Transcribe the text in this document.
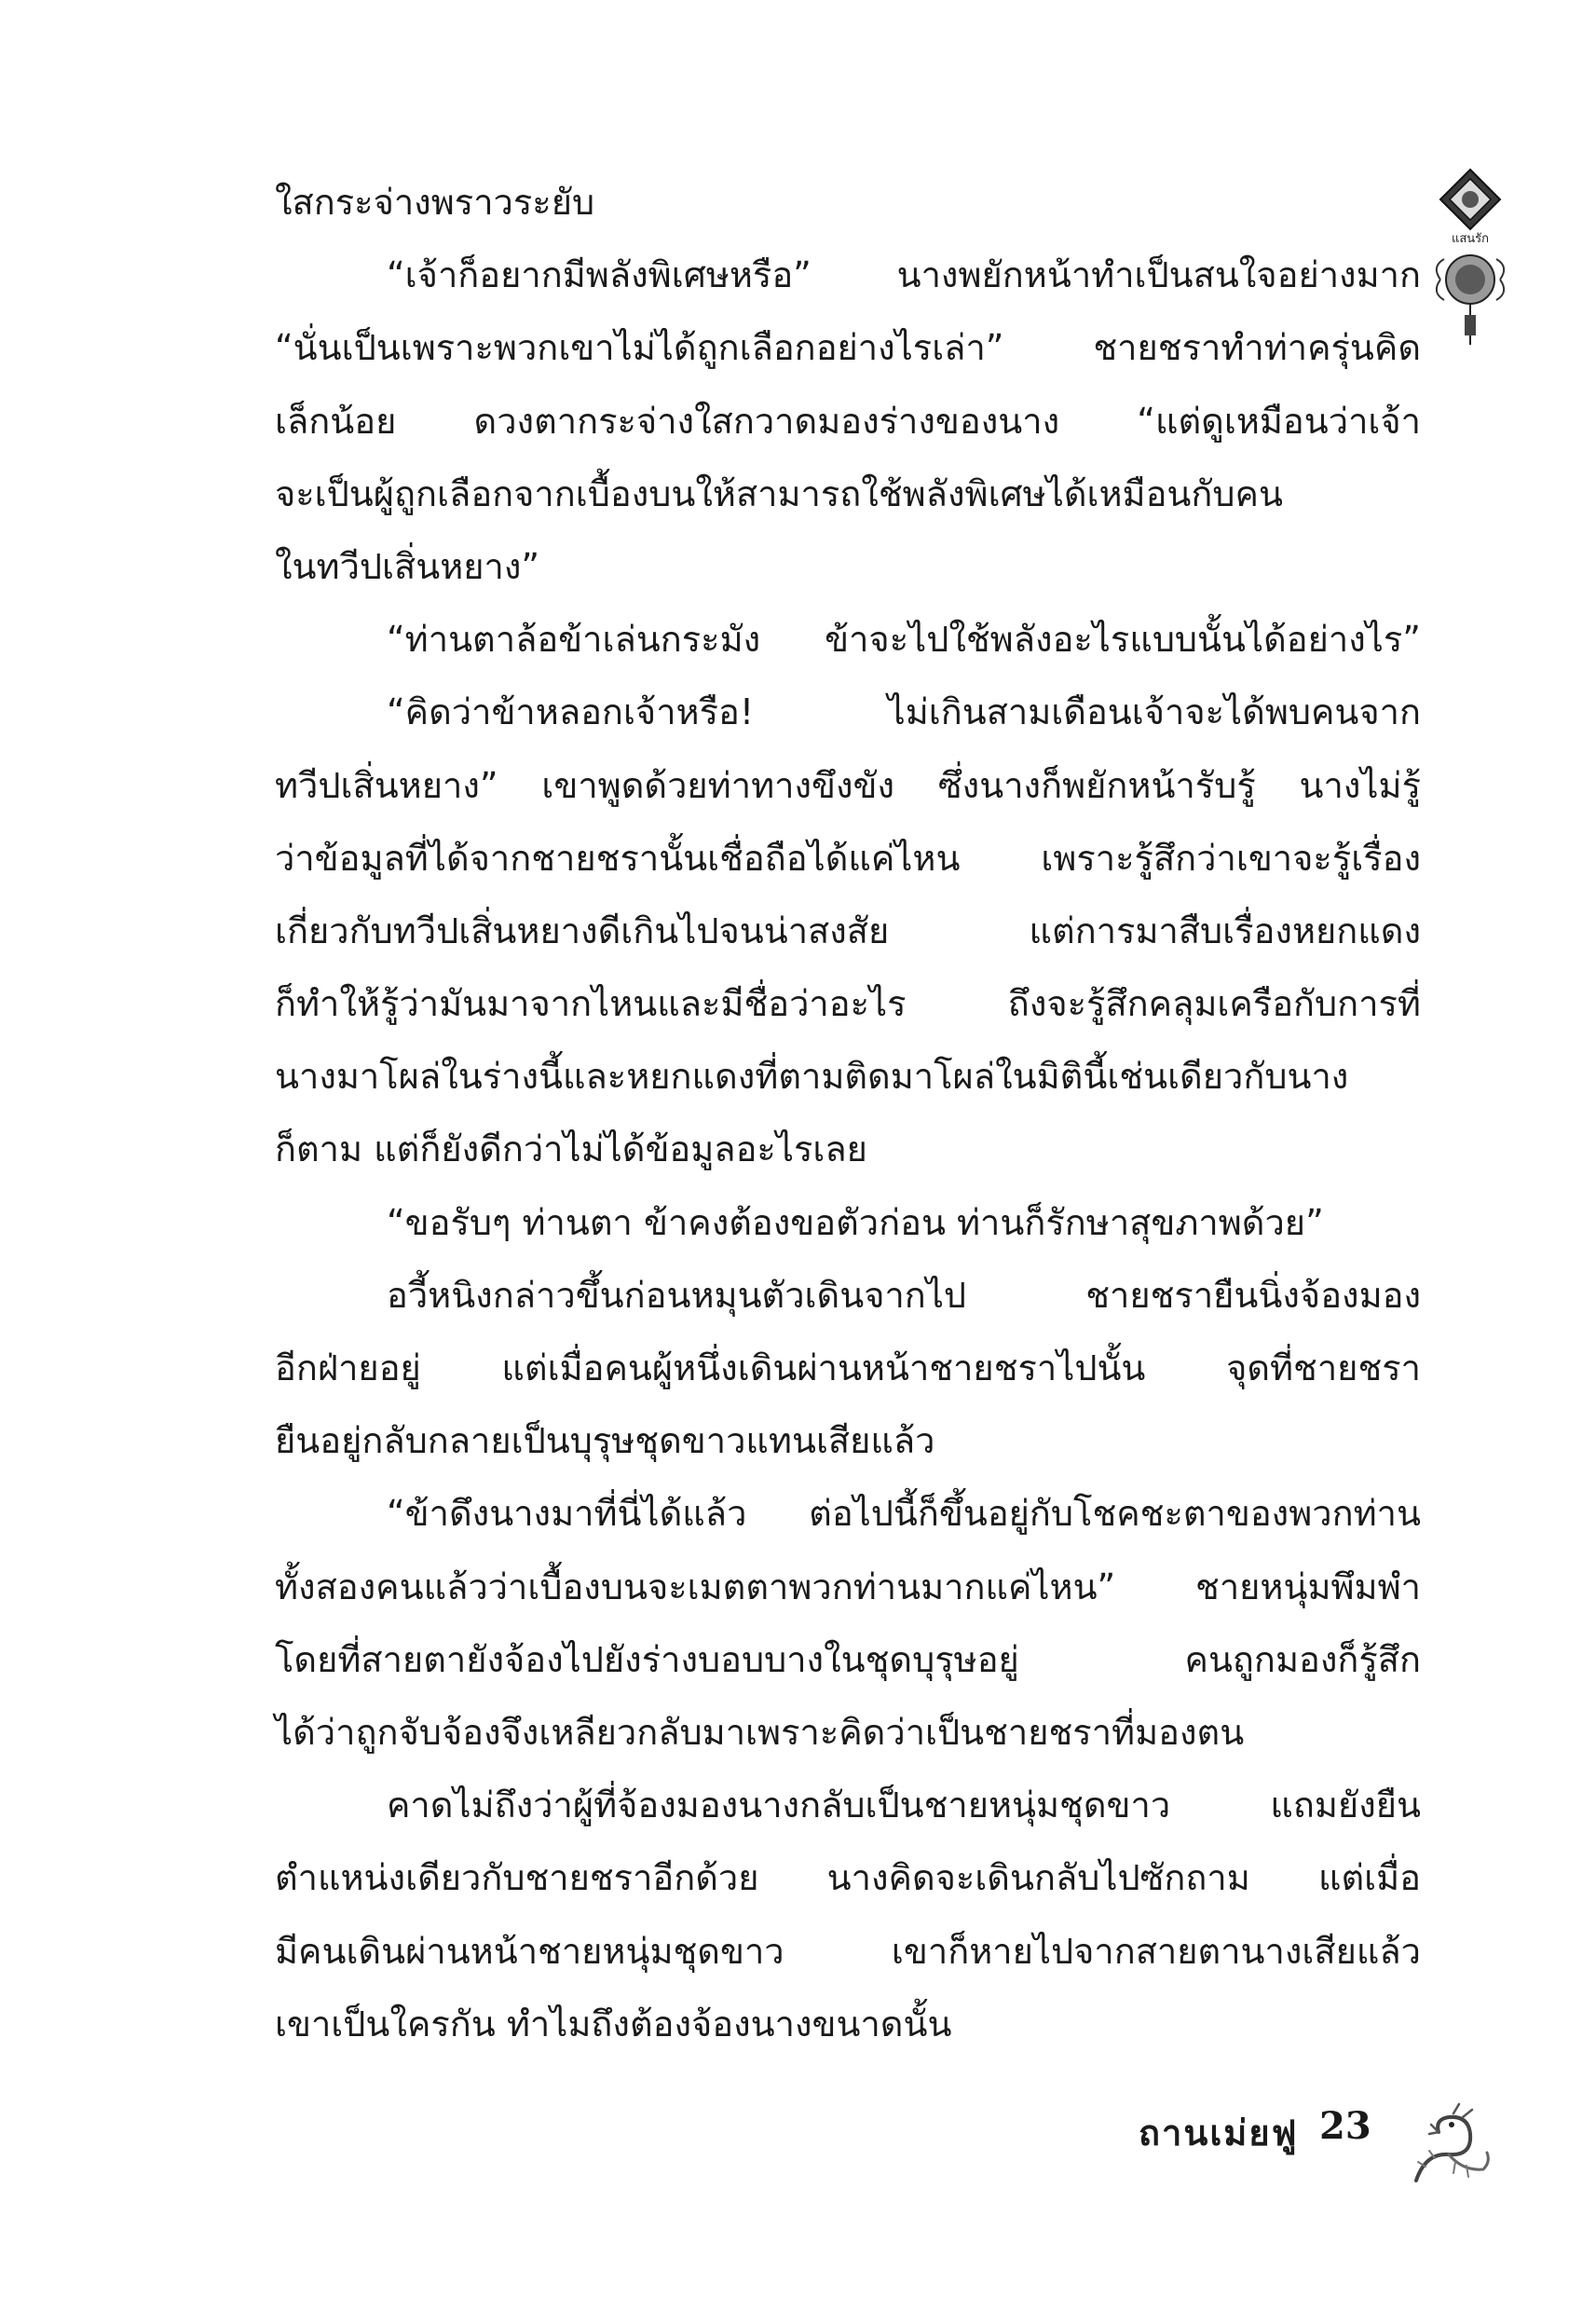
แสนรัก
ใสกระจ่างพราวระยับ
“เจ้าก็อยากมีพลังพิเศษหรือ” นางพยักหน้าทำเป็นสนใจอย่างมาก
“นั่นเป็นเพราะพวกเขาไม่ได้ถูกเลือกอย่างไรเล่า” ชายชราทำท่าครุ่นคิด
เล็กน้อย ดวงตากระจ่างใสกวาดมองร่างของนาง “แต่ดูเหมือนว่าเจ้า
จะเป็นผู้ถูกเลือกจากเบื้องบนให้สามารถใช้พลังพิเศษได้เหมือนกับคน
ในทวีปเสิ่นหยาง”
“ท่านตาล้อข้าเล่นกระมัง ข้าจะไปใช้พลังอะไรแบบนั้นได้อย่างไร”
“คิดว่าข้าหลอกเจ้าหรือ! ไม่เกินสามเดือนเจ้าจะได้พบคนจาก
ทวีปเสิ่นหยาง” เขาพูดด้วยท่าทางขึงขัง ซึ่งนางก็พยักหน้ารับรู้ นางไม่รู้
ว่าข้อมูลที่ได้จากชายชรานั้นเชื่อถือได้แค่ไหน เพราะรู้สึกว่าเขาจะรู้เรื่อง
เกี่ยวกับทวีปเสิ่นหยางดีเกินไปจนน่าสงสัย แต่การมาสืบเรื่องหยกแดง
ก็ทำให้รู้ว่ามันมาจากไหนและมีชื่อว่าอะไร ถึงจะรู้สึกคลุมเครือกับการที่
นางมาโผล่ในร่างนี้และหยกแดงที่ตามติดมาโผล่ในมิตินี้เช่นเดียวกับนาง
ก็ตาม แต่ก็ยังดีกว่าไม่ได้ข้อมูลอะไรเลย
“ขอรับๆ ท่านตา ข้าคงต้องขอตัวก่อน ท่านก็รักษาสุขภาพด้วย”
อวี้หนิงกล่าวขึ้นก่อนหมุนตัวเดินจากไป ชายชรายืนนิ่งจ้องมอง
อีกฝ่ายอยู่ แต่เมื่อคนผู้หนึ่งเดินผ่านหน้าชายชราไปนั้น จุดที่ชายชรา
ยืนอยู่กลับกลายเป็นบุรุษชุดขาวแทนเสียแล้ว
“ข้าดึงนางมาที่นี่ได้แล้ว ต่อไปนี้ก็ขึ้นอยู่กับโชคชะตาของพวกท่าน
ทั้งสองคนแล้วว่าเบื้องบนจะเมตตาพวกท่านมากแค่ไหน” ชายหนุ่มพึมพำ
โดยที่สายตายังจ้องไปยังร่างบอบบางในชุดบุรุษอยู่ คนถูกมองก็รู้สึก
ได้ว่าถูกจับจ้องจึงเหลียวกลับมาเพราะคิดว่าเป็นชายชราที่มองตน
คาดไม่ถึงว่าผู้ที่จ้องมองนางกลับเป็นชายหนุ่มชุดขาว แถมยังยืน
ตำแหน่งเดียวกับชายชราอีกด้วย นางคิดจะเดินกลับไปซักถาม แต่เมื่อ
มีคนเดินผ่านหน้าชายหนุ่มชุดขาว เขาก็หายไปจากสายตานางเสียแล้ว
เขาเป็นใครกัน ทำไมถึงต้องจ้องนางขนาดนั้น
ถานเม่ยฟู 23
